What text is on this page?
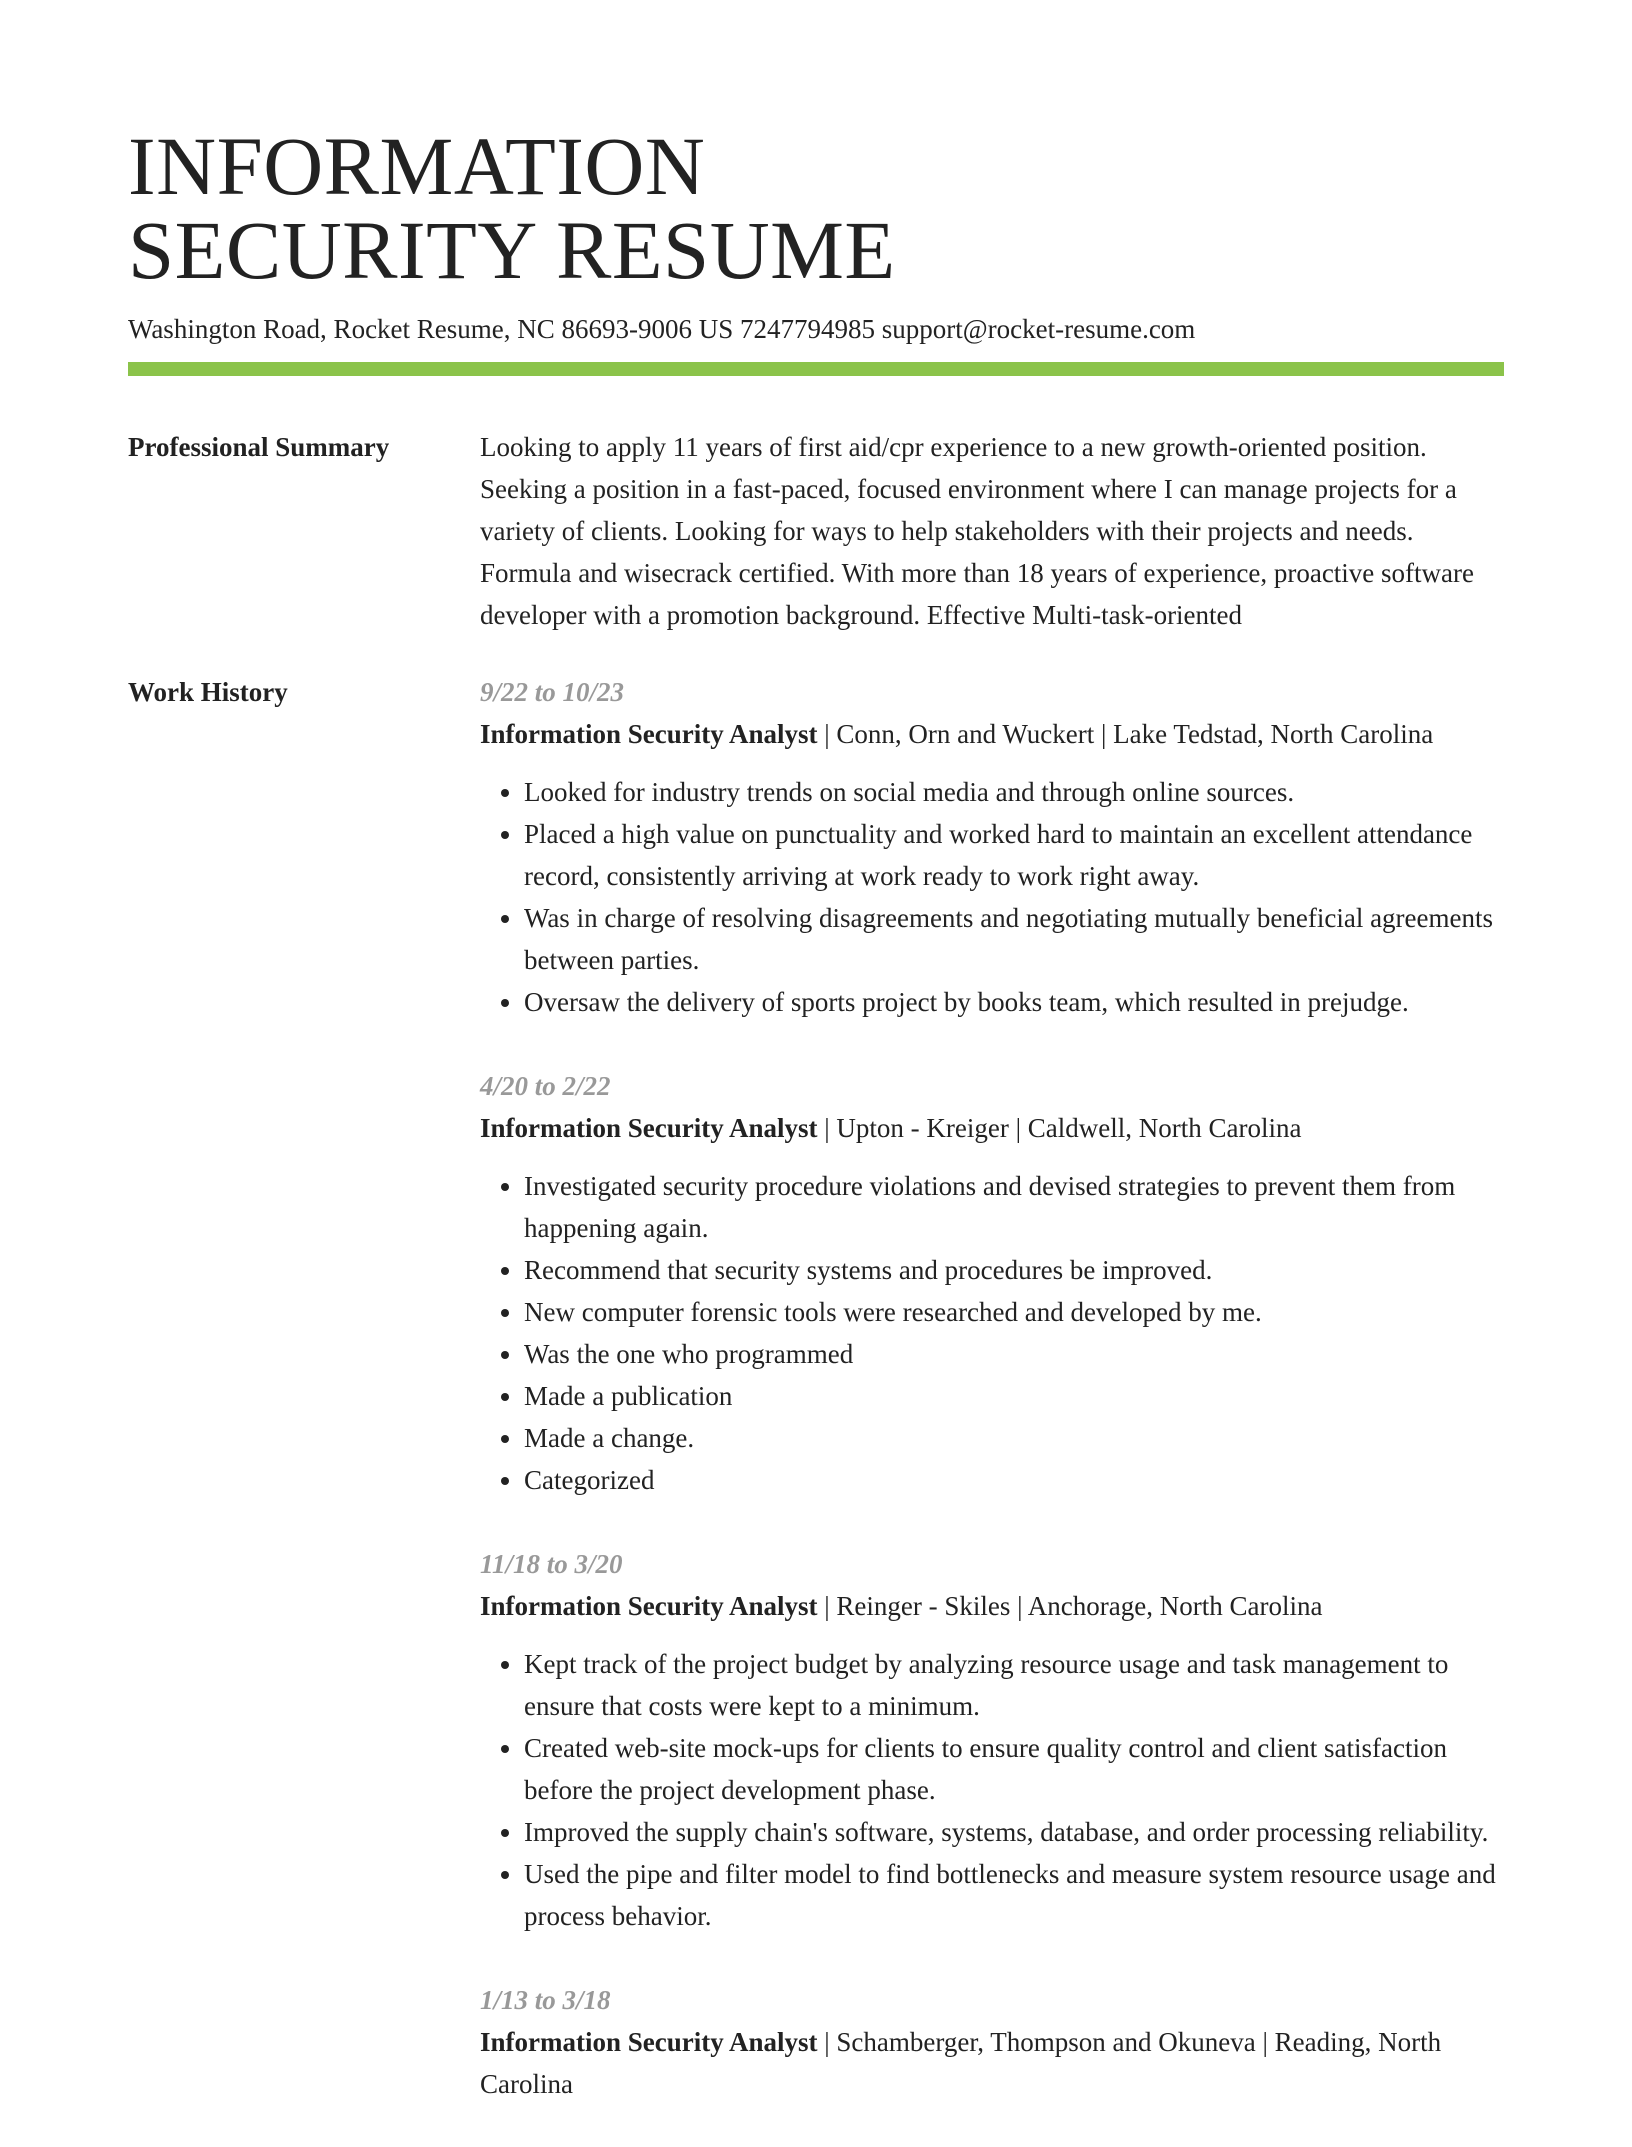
INFORMATION
SECURITY RESUME
Washington Road, Rocket Resume, NC 86693-9006 US 7247794985 support@rocket-resume.com
Professional Summary	Looking to apply 11 years of first aid/cpr experience to a new growth-oriented position. Seeking a position in a fast-paced, focused environment where I can manage projects for a variety of clients. Looking for ways to help stakeholders with their projects and needs. Formula and wisecrack certified. With more than 18 years of experience, proactive software developer with a promotion background. Effective Multi-task-oriented
Work History	9/22 to 10/23
Information Security Analyst | Conn, Orn and Wuckert | Lake Tedstad, North Carolina
• Looked for industry trends on social media and through online sources.
• Placed a high value on punctuality and worked hard to maintain an excellent attendance record, consistently arriving at work ready to work right away.
• Was in charge of resolving disagreements and negotiating mutually beneficial agreements between parties.
• Oversaw the delivery of sports project by books team, which resulted in prejudge.
4/20 to 2/22
Information Security Analyst | Upton - Kreiger | Caldwell, North Carolina
• Investigated security procedure violations and devised strategies to prevent them from happening again.
• Recommend that security systems and procedures be improved.
• New computer forensic tools were researched and developed by me.
• Was the one who programmed
• Made a publication
• Made a change.
• Categorized
11/18 to 3/20
Information Security Analyst | Reinger - Skiles | Anchorage, North Carolina
• Kept track of the project budget by analyzing resource usage and task management to ensure that costs were kept to a minimum.
• Created web-site mock-ups for clients to ensure quality control and client satisfaction before the project development phase.
• Improved the supply chain's software, systems, database, and order processing reliability.
• Used the pipe and filter model to find bottlenecks and measure system resource usage and process behavior.
1/13 to 3/18
Information Security Analyst | Schamberger, Thompson and Okuneva | Reading, North Carolina
